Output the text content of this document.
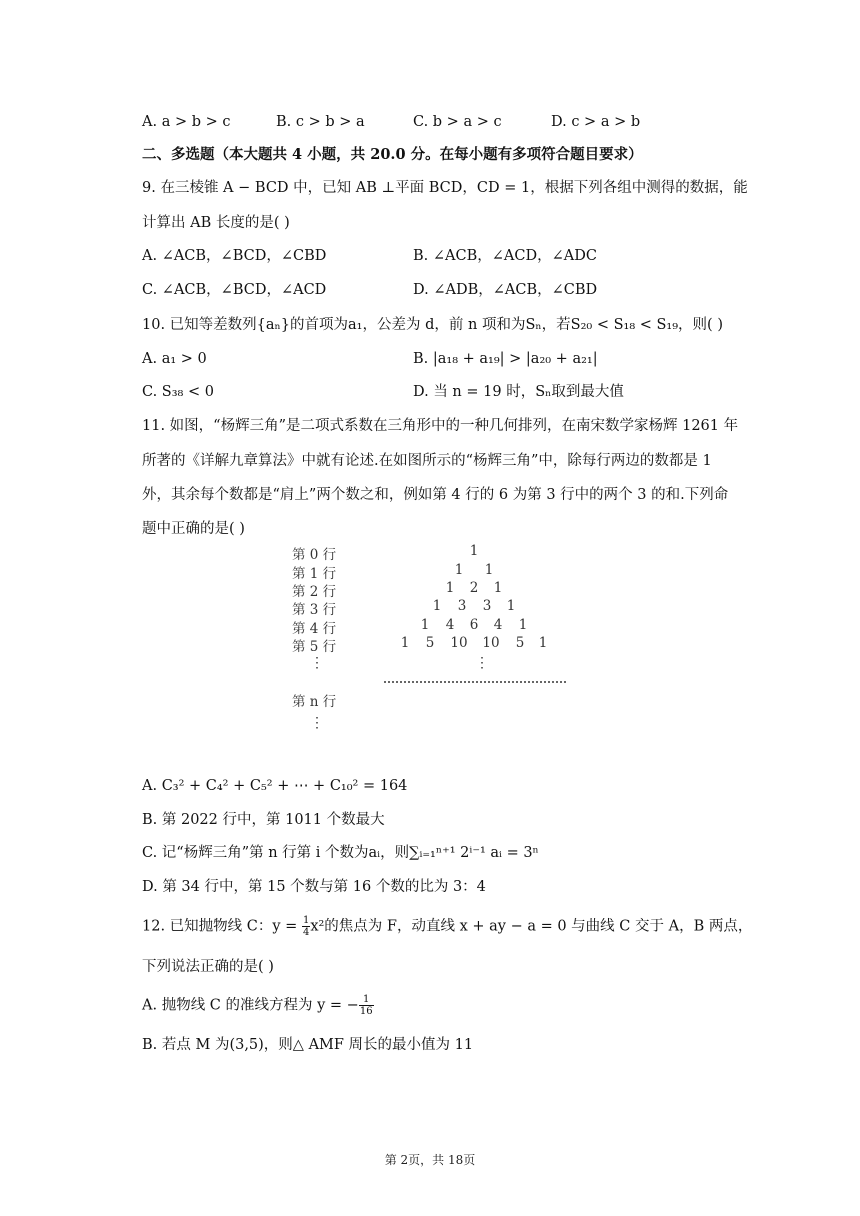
A. a > b > c	B. c > b > a	C. b > a > c	D. c > a > b
二、多选题（本大题共 4 小题，共 20.0 分。在每小题有多项符合题目要求）
9. 在三棱锥 A − BCD 中，已知 AB ⊥平面 BCD，CD = 1，根据下列各组中测得的数据，能
计算出 AB 长度的是( )
A. ∠ACB，∠BCD，∠CBD	B. ∠ACB，∠ACD，∠ADC
C. ∠ACB，∠BCD，∠ACD	D. ∠ADB，∠ACB，∠CBD
10. 已知等差数列{aₙ}的首项为a₁，公差为 d，前 n 项和为Sₙ，若S₂₀ < S₁₈ < S₁₉，则( )
A. a₁ > 0	B. |a₁₈ + a₁₉| > |a₂₀ + a₂₁|
C. S₃₈ < 0	D. 当 n = 19 时，Sₙ取到最大值
11. 如图，“杨辉三角”是二项式系数在三角形中的一种几何排列，在南宋数学家杨辉 1261 年
所著的《详解九章算法》中就有论述.在如图所示的“杨辉三角”中，除每行两边的数都是 1
外，其余每个数都是“肩上”两个数之和，例如第 4 行的 6 为第 3 行中的两个 3 的和.下列命
题中正确的是( )
第 0 行
第 1 行
第 2 行
第 3 行
第 4 行
第 5 行
⋮
第 n 行
⋮
1
1	1
1	2	1
1	3	3	1
1	4	6	4	1
1	5	10 10	5	1
⋮
A. C₃² + C₄² + C₅² + ⋯ + C₁₀² = 164
B. 第 2022 行中，第 1011 个数最大
C. 记“杨辉三角”第 n 行第 i 个数为aᵢ，则∑ᵢ₌₁ⁿ⁺¹ 2ⁱ⁻¹ aᵢ = 3ⁿ
D. 第 34 行中，第 15 个数与第 16 个数的比为 3：4
12. 已知抛物线 C：$y = \frac{1}{4} x^2$的焦点为 F，动直线 x + ay − a = 0 与曲线 C 交于 A，B 两点，
下列说法正确的是( )
A. 抛物线 C 的准线方程为 y = − $\frac{1}{16}$
B. 若点 M 为(3,5)，则△ AMF 周长的最小值为 11
第 2页，共 18页
